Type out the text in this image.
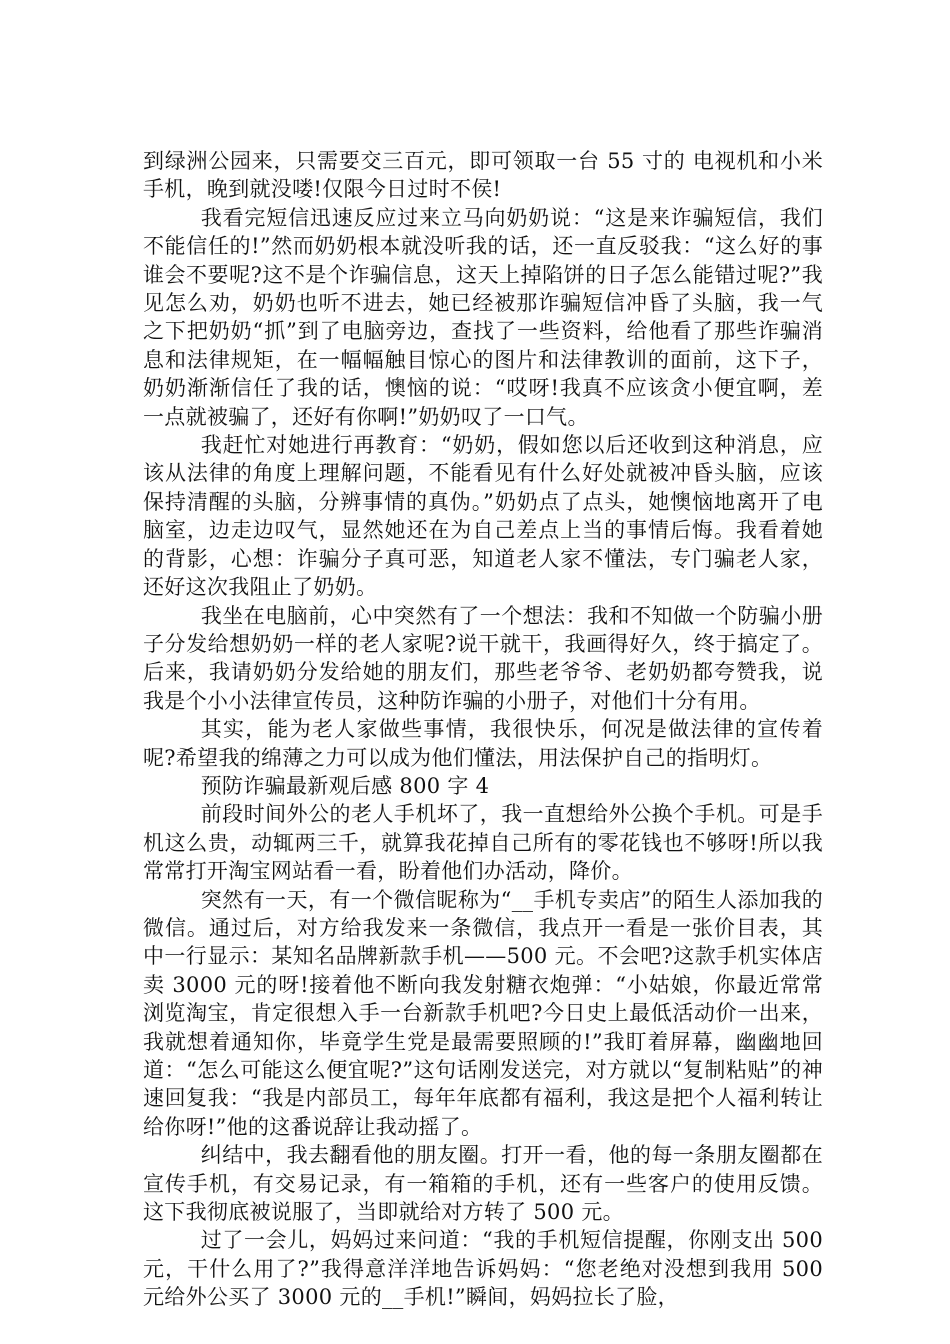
到绿洲公园来，只需要交三百元，即可领取一台 55 寸的 电视机和小米手机，晚到就没喽!仅限今日过时不侯!

我看完短信迅速反应过来立马向奶奶说：“这是来诈骗短信，我们不能信任的!”然而奶奶根本就没听我的话，还一直反驳我：“这么好的事谁会不要呢?这不是个诈骗信息，这天上掉陷饼的日子怎么能错过呢?”我见怎么劝，奶奶也听不进去，她已经被那诈骗短信冲昏了头脑，我一气之下把奶奶“抓”到了电脑旁边，查找了一些资料，给他看了那些诈骗消息和法律规矩，在一幅幅触目惊心的图片和法律教训的面前，这下子，奶奶渐渐信任了我的话，懊恼的说：“哎呀!我真不应该贪小便宜啊，差一点就被骗了，还好有你啊!”奶奶叹了一口气。

我赶忙对她进行再教育：“奶奶，假如您以后还收到这种消息，应该从法律的角度上理解问题，不能看见有什么好处就被冲昏头脑，应该保持清醒的头脑，分辨事情的真伪。”奶奶点了点头，她懊恼地离开了电脑室，边走边叹气，显然她还在为自己差点上当的事情后悔。我看着她的背影，心想：诈骗分子真可恶，知道老人家不懂法，专门骗老人家，还好这次我阻止了奶奶。

我坐在电脑前，心中突然有了一个想法：我和不知做一个防骗小册子分发给想奶奶一样的老人家呢?说干就干，我画得好久，终于搞定了。后来，我请奶奶分发给她的朋友们，那些老爷爷、老奶奶都夸赞我，说我是个小小法律宣传员，这种防诈骗的小册子，对他们十分有用。

其实，能为老人家做些事情，我很快乐，何况是做法律的宣传着呢?希望我的绵薄之力可以成为他们懂法，用法保护自己的指明灯。

预防诈骗最新观后感 800 字 4

前段时间外公的老人手机坏了，我一直想给外公换个手机。可是手机这么贵，动辄两三千，就算我花掉自己所有的零花钱也不够呀!所以我常常打开淘宝网站看一看，盼着他们办活动，降价。

突然有一天，有一个微信昵称为“__手机专卖店”的陌生人添加我的微信。通过后，对方给我发来一条微信，我点开一看是一张价目表，其中一行显示：某知名品牌新款手机——500 元。不会吧?这款手机实体店卖 3000 元的呀!接着他不断向我发射糖衣炮弹：“小姑娘，你最近常常浏览淘宝，肯定很想入手一台新款手机吧?今日史上最低活动价一出来，我就想着通知你，毕竟学生党是最需要照顾的!”我盯着屏幕，幽幽地回道：“怎么可能这么便宜呢?”这句话刚发送完，对方就以“复制粘贴”的神速回复我：“我是内部员工，每年年底都有福利，我这是把个人福利转让给你呀!”他的这番说辞让我动摇了。

纠结中，我去翻看他的朋友圈。打开一看，他的每一条朋友圈都在宣传手机，有交易记录，有一箱箱的手机，还有一些客户的使用反馈。这下我彻底被说服了，当即就给对方转了 500 元。

过了一会儿，妈妈过来问道：“我的手机短信提醒，你刚支出 500 元，干什么用了?”我得意洋洋地告诉妈妈：“您老绝对没想到我用 500 元给外公买了 3000 元的__手机!”瞬间，妈妈拉长了脸，
